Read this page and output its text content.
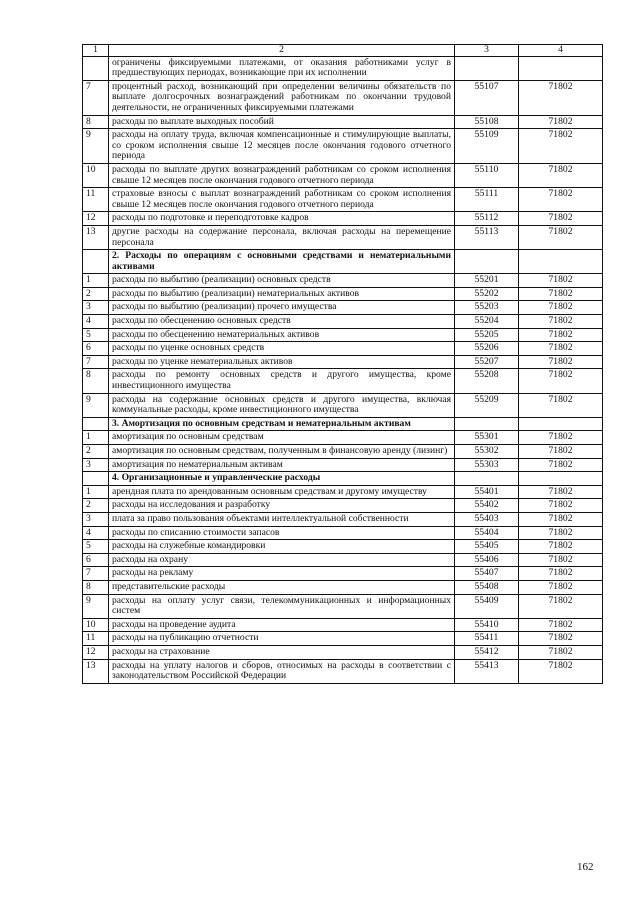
1	2	3	4
	ограничены фиксируемыми платежами, от оказания работниками услуг в предшествующих периодах, возникающие при их исполнении		
7	процентный расход, возникающий при определении величины обязательств по выплате долгосрочных вознаграждений работникам по окончании трудовой деятельности, не ограниченных фиксируемыми платежами	55107	71802
8	расходы по выплате выходных пособий	55108	71802
9	расходы на оплату труда, включая компенсационные и стимулирующие выплаты, со сроком исполнения свыше 12 месяцев после окончания годового отчетного периода	55109	71802
10	расходы по выплате других вознаграждений работникам со сроком исполнения свыше 12 месяцев после окончания годового отчетного периода	55110	71802
11	страховые взносы с выплат вознаграждений работникам со сроком исполнения свыше 12 месяцев после окончания годового отчетного периода	55111	71802
12	расходы по подготовке и переподготовке кадров	55112	71802
13	другие расходы на содержание персонала, включая расходы на перемещение персонала	55113	71802
	2. Расходы по операциям с основными средствами и нематериальными активами		
1	расходы по выбытию (реализации) основных средств	55201	71802
2	расходы по выбытию (реализации) нематериальных активов	55202	71802
3	расходы по выбытию (реализации) прочего имущества	55203	71802
4	расходы по обесценению основных средств	55204	71802
5	расходы по обесценению нематериальных активов	55205	71802
6	расходы по уценке основных средств	55206	71802
7	расходы по уценке нематериальных активов	55207	71802
8	расходы по ремонту основных средств и другого имущества, кроме инвестиционного имущества	55208	71802
9	расходы на содержание основных средств и другого имущества, включая коммунальные расходы, кроме инвестиционного имущества	55209	71802
	3. Амортизация по основным средствам и нематериальным активам		
1	амортизация по основным средствам	55301	71802
2	амортизация по основным средствам, полученным в финансовую аренду (лизинг)	55302	71802
3	амортизация по нематериальным активам	55303	71802
	4. Организационные и управленческие расходы		
1	арендная плата по арендованным основным средствам и другому имуществу	55401	71802
2	расходы на исследования и разработку	55402	71802
3	плата за право пользования объектами интеллектуальной собственности	55403	71802
4	расходы по списанию стоимости запасов	55404	71802
5	расходы на служебные командировки	55405	71802
6	расходы на охрану	55406	71802
7	расходы на рекламу	55407	71802
8	представительские расходы	55408	71802
9	расходы на оплату услуг связи, телекоммуникационных и информационных систем	55409	71802
10	расходы на проведение аудита	55410	71802
11	расходы на публикацию отчетности	55411	71802
12	расходы на страхование	55412	71802
13	расходы на уплату налогов и сборов, относимых на расходы в соответствии с законодательством Российской Федерации	55413	71802
162
